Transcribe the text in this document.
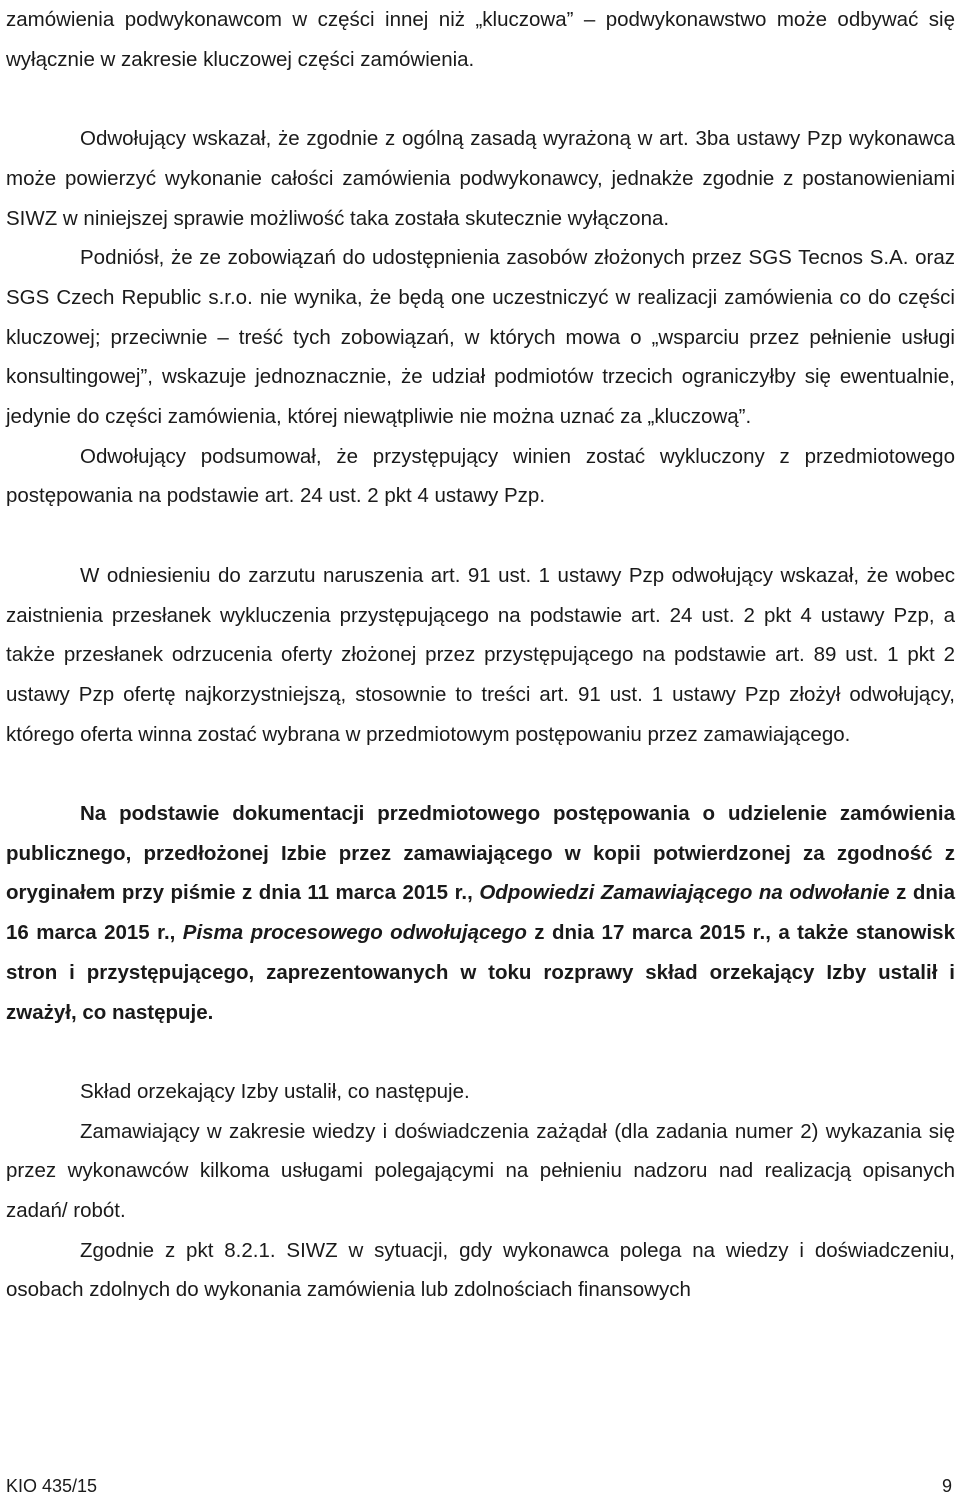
zamówienia podwykonawcom w części innej niż „kluczowa” – podwykonawstwo może odbywać się wyłącznie w zakresie kluczowej części zamówienia.

Odwołujący wskazał, że zgodnie z ogólną zasadą wyrażoną w art. 3ba ustawy Pzp wykonawca może powierzyć wykonanie całości zamówienia podwykonawcy, jednakże zgodnie z postanowieniami SIWZ w niniejszej sprawie możliwość taka została skutecznie wyłączona.

Podniósł, że ze zobowiązań do udostępnienia zasobów złożonych przez SGS Tecnos S.A. oraz SGS Czech Republic s.r.o. nie wynika, że będą one uczestniczyć w realizacji zamówienia co do części kluczowej; przeciwnie – treść tych zobowiązań, w których mowa o „wsparciu przez pełnienie usługi konsultingowej”, wskazuje jednoznacznie, że udział podmiotów trzecich ograniczyłby się ewentualnie, jedynie do części zamówienia, której niewątpliwie nie można uznać za „kluczową”.

Odwołujący podsumował, że przystępujący winien zostać wykluczony z przedmiotowego postępowania na podstawie art. 24 ust. 2 pkt 4 ustawy Pzp.

W odniesieniu do zarzutu naruszenia art. 91 ust. 1 ustawy Pzp odwołujący wskazał, że wobec zaistnienia przesłanek wykluczenia przystępującego na podstawie art. 24 ust. 2 pkt 4 ustawy Pzp, a także przesłanek odrzucenia oferty złożonej przez przystępującego na podstawie art. 89 ust. 1 pkt 2 ustawy Pzp ofertę najkorzystniejszą, stosownie to treści art. 91 ust. 1 ustawy Pzp złożył odwołujący, którego oferta winna zostać wybrana w przedmiotowym postępowaniu przez zamawiającego.

Na podstawie dokumentacji przedmiotowego postępowania o udzielenie zamówienia publicznego, przedłożonej Izbie przez zamawiającego w kopii potwierdzonej za zgodność z oryginałem przy piśmie z dnia 11 marca 2015 r., Odpowiedzi Zamawiającego na odwołanie z dnia 16 marca 2015 r., Pisma procesowego odwołującego z dnia 17 marca 2015 r., a także stanowisk stron i przystępującego, zaprezentowanych w toku rozprawy skład orzekający Izby ustalił i zważył, co następuje.

Skład orzekający Izby ustalił, co następuje.

Zamawiający w zakresie wiedzy i doświadczenia zażądał (dla zadania numer 2) wykazania się przez wykonawców kilkoma usługami polegającymi na pełnieniu nadzoru nad realizacją opisanych zadań/ robót.

Zgodnie z pkt 8.2.1. SIWZ w sytuacji, gdy wykonawca polega na wiedzy i doświadczeniu, osobach zdolnych do wykonania zamówienia lub zdolnościach finansowych

KIO 435/15	9
